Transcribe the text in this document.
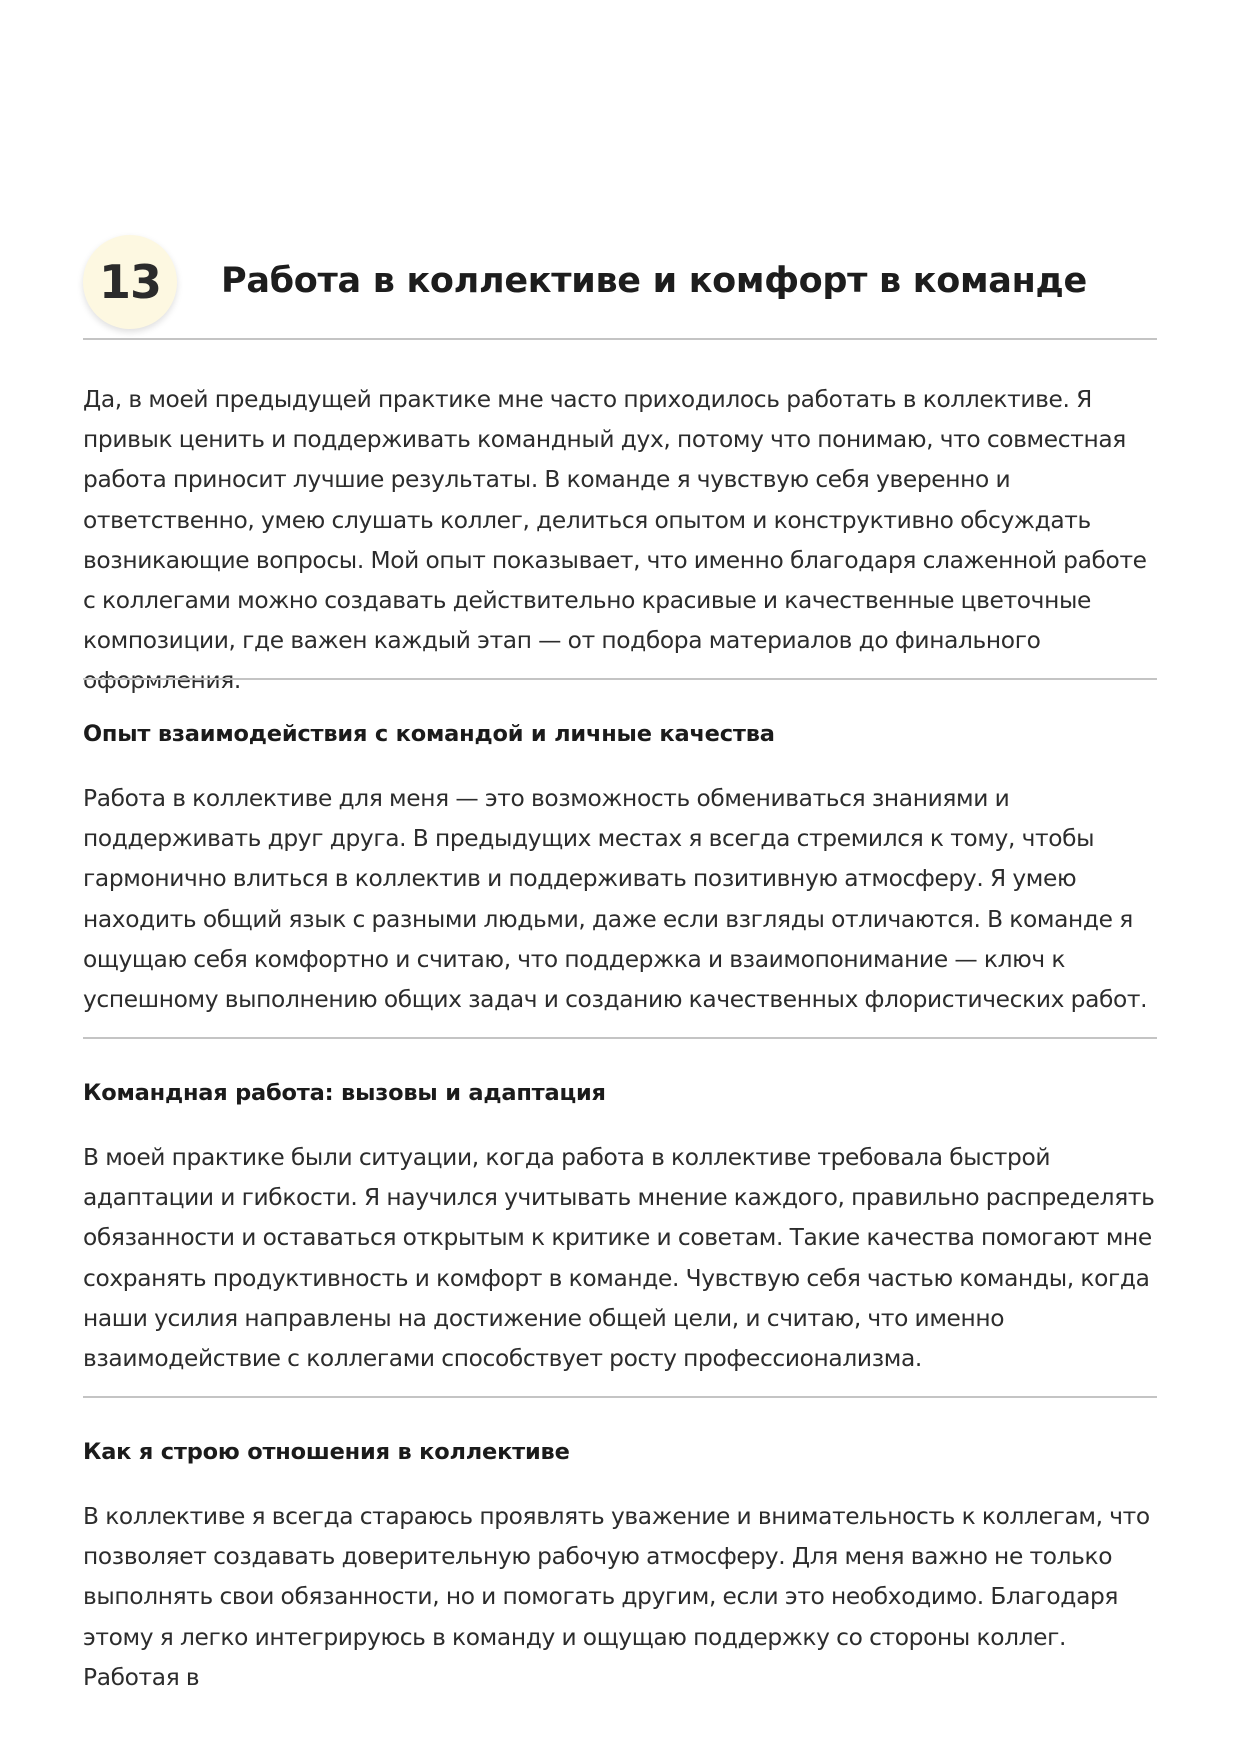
13	Работа в коллективе и комфорт в команде

Да, в моей предыдущей практике мне часто приходилось работать в коллективе. Я привык ценить и поддерживать командный дух, потому что понимаю, что совместная работа приносит лучшие результаты. В команде я чувствую себя уверенно и ответственно, умею слушать коллег, делиться опытом и конструктивно обсуждать возникающие вопросы. Мой опыт показывает, что именно благодаря слаженной работе с коллегами можно создавать действительно красивые и качественные цветочные композиции, где важен каждый этап — от подбора материалов до финального оформления.

Опыт взаимодействия с командой и личные качества

Работа в коллективе для меня — это возможность обмениваться знаниями и поддерживать друг друга. В предыдущих местах я всегда стремился к тому, чтобы гармонично влиться в коллектив и поддерживать позитивную атмосферу. Я умею находить общий язык с разными людьми, даже если взгляды отличаются. В команде я ощущаю себя комфортно и считаю, что поддержка и взаимопонимание — ключ к успешному выполнению общих задач и созданию качественных флористических работ.

Командная работа: вызовы и адаптация

В моей практике были ситуации, когда работа в коллективе требовала быстрой адаптации и гибкости. Я научился учитывать мнение каждого, правильно распределять обязанности и оставаться открытым к критике и советам. Такие качества помогают мне сохранять продуктивность и комфорт в команде. Чувствую себя частью команды, когда наши усилия направлены на достижение общей цели, и считаю, что именно взаимодействие с коллегами способствует росту профессионализма.

Как я строю отношения в коллективе

В коллективе я всегда стараюсь проявлять уважение и внимательность к коллегам, что позволяет создавать доверительную рабочую атмосферу. Для меня важно не только выполнять свои обязанности, но и помогать другим, если это необходимо. Благодаря этому я легко интегрируюсь в команду и ощущаю поддержку со стороны коллег. Работая в
